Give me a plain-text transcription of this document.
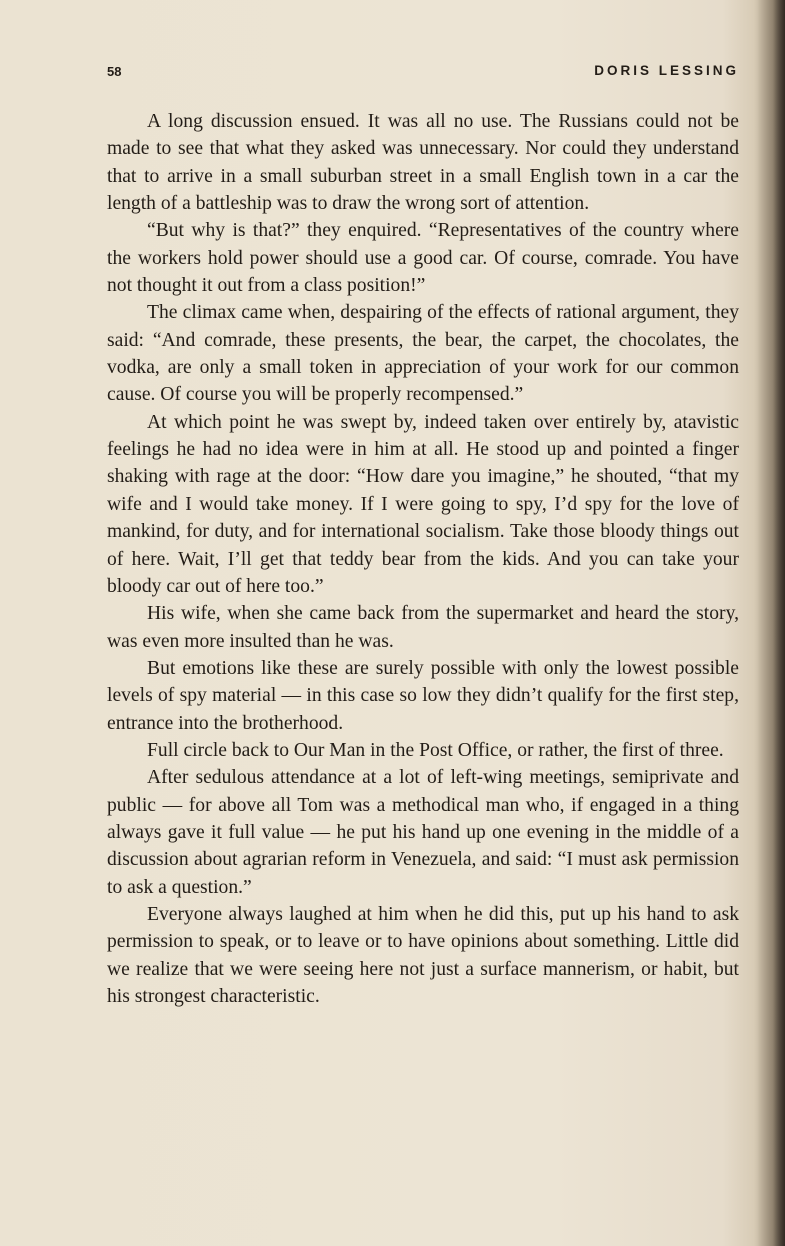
58	DORIS LESSING

A long discussion ensued. It was all no use. The Russians could not be made to see that what they asked was unnecessary. Nor could they understand that to arrive in a small suburban street in a small English town in a car the length of a battleship was to draw the wrong sort of attention.

“But why is that?” they enquired. “Representatives of the country where the workers hold power should use a good car. Of course, comrade. You have not thought it out from a class position!”

The climax came when, despairing of the effects of rational argument, they said: “And comrade, these presents, the bear, the carpet, the chocolates, the vodka, are only a small token in appreciation of your work for our common cause. Of course you will be properly recompensed.”

At which point he was swept by, indeed taken over entirely by, atavistic feelings he had no idea were in him at all. He stood up and pointed a finger shaking with rage at the door: “How dare you imagine,” he shouted, “that my wife and I would take money. If I were going to spy, I’d spy for the love of mankind, for duty, and for international socialism. Take those bloody things out of here. Wait, I’ll get that teddy bear from the kids. And you can take your bloody car out of here too.”

His wife, when she came back from the supermarket and heard the story, was even more insulted than he was.

But emotions like these are surely possible with only the lowest possible levels of spy material — in this case so low they didn’t qualify for the first step, entrance into the brotherhood.

Full circle back to Our Man in the Post Office, or rather, the first of three.

After sedulous attendance at a lot of left-wing meetings, semiprivate and public — for above all Tom was a methodical man who, if engaged in a thing always gave it full value — he put his hand up one evening in the middle of a discussion about agrarian reform in Venezuela, and said: “I must ask permission to ask a question.”

Everyone always laughed at him when he did this, put up his hand to ask permission to speak, or to leave or to have opinions about something. Little did we realize that we were seeing here not just a surface mannerism, or habit, but his strongest characteristic.
